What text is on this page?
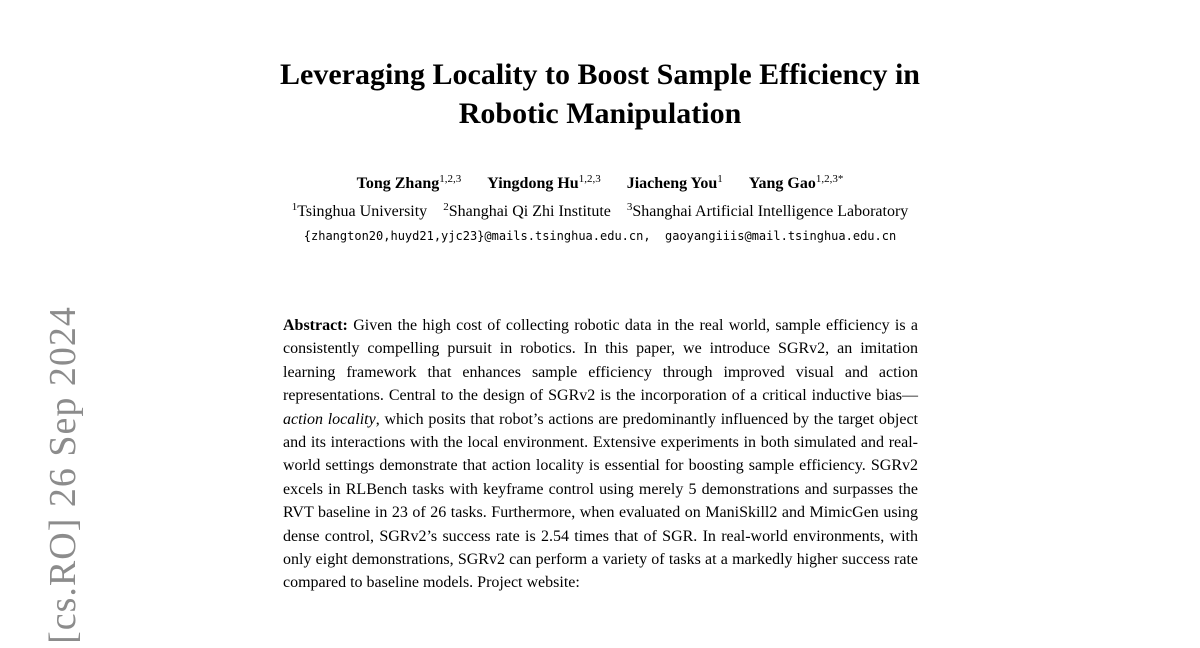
Leveraging Locality to Boost Sample Efficiency in
Robotic Manipulation
Tong Zhang$^{1,2,3}$ Yingdong Hu$^{1,2,3}$ Jiacheng You$^1$ Yang Gao$^{1,2,3*}$
$^1$Tsinghua University $^2$Shanghai Qi Zhi Institute $^3$Shanghai Artificial Intelligence Laboratory
{zhangton20,huyd21,yjc23}@mails.tsinghua.edu.cn,  gaoyangiiis@mail.tsinghua.edu.cn
[cs.RO] 26 Sep 2024	Abstract: Given the high cost of collecting robotic data in the real world, sample efficiency is a consistently compelling pursuit in robotics. In this paper, we introduce SGRv2, an imitation learning framework that enhances sample efficiency through improved visual and action representations. Central to the design of SGRv2 is the incorporation of a critical inductive bias—action locality, which posits that robot’s actions are predominantly influenced by the target object and its interactions with the local environment. Extensive experiments in both simulated and real-world settings demonstrate that action locality is essential for boosting sample efficiency. SGRv2 excels in RLBench tasks with keyframe control using merely 5 demonstrations and surpasses the RVT baseline in 23 of 26 tasks. Furthermore, when evaluated on ManiSkill2 and MimicGen using dense control, SGRv2’s success rate is 2.54 times that of SGR. In real-world environments, with only eight demonstrations, SGRv2 can perform a variety of tasks at a markedly higher success rate compared to baseline models. Project website:
